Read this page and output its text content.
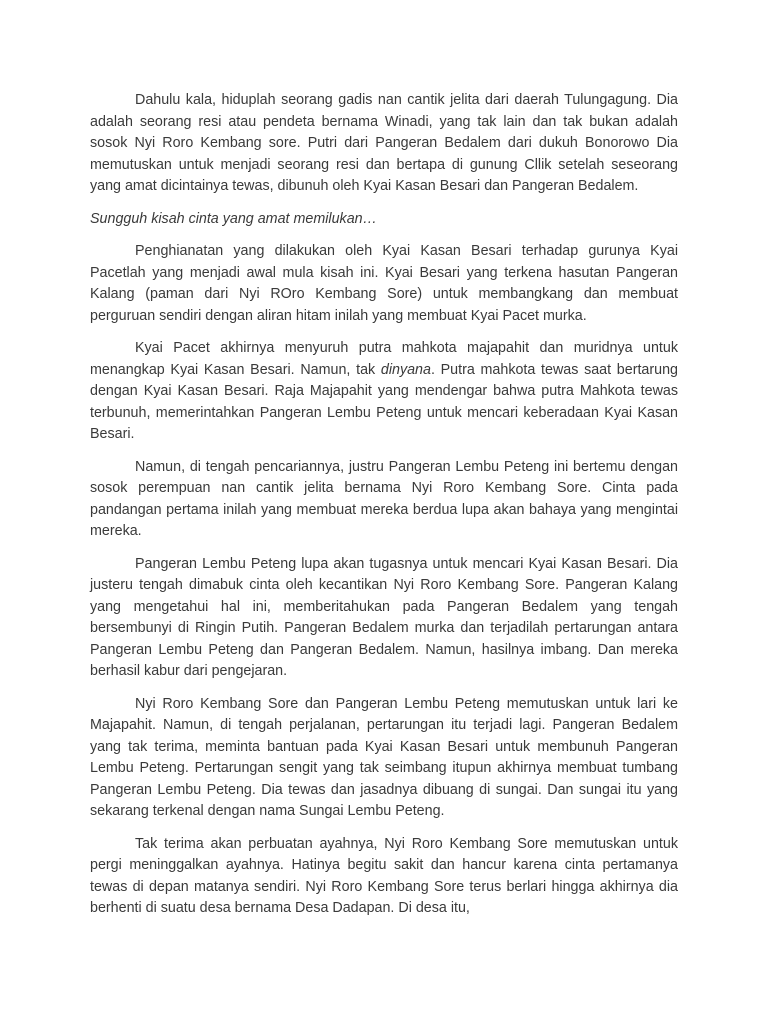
Dahulu kala, hiduplah seorang gadis nan cantik jelita dari daerah Tulungagung. Dia adalah seorang resi atau pendeta bernama Winadi, yang tak lain dan tak bukan adalah sosok Nyi Roro Kembang sore. Putri dari Pangeran Bedalem dari dukuh Bonorowo Dia memutuskan untuk menjadi seorang resi dan bertapa di gunung Cllik setelah seseorang yang amat dicintainya tewas, dibunuh oleh Kyai Kasan Besari dan Pangeran Bedalem.

Sungguh kisah cinta yang amat memilukan…

Penghianatan yang dilakukan oleh Kyai Kasan Besari terhadap gurunya Kyai Pacetlah yang menjadi awal mula kisah ini. Kyai Besari yang terkena hasutan Pangeran Kalang (paman dari Nyi ROro Kembang Sore) untuk membangkang dan membuat perguruan sendiri dengan aliran hitam inilah yang membuat Kyai Pacet murka.

Kyai Pacet akhirnya menyuruh putra mahkota majapahit dan muridnya untuk menangkap Kyai Kasan Besari. Namun, tak dinyana. Putra mahkota tewas saat bertarung dengan Kyai Kasan Besari. Raja Majapahit yang mendengar bahwa putra Mahkota tewas terbunuh, memerintahkan Pangeran Lembu Peteng untuk mencari keberadaan Kyai Kasan Besari.

Namun, di tengah pencariannya, justru Pangeran Lembu Peteng ini bertemu dengan sosok perempuan nan cantik jelita bernama Nyi Roro Kembang Sore. Cinta pada pandangan pertama inilah yang membuat mereka berdua lupa akan bahaya yang mengintai mereka.

Pangeran Lembu Peteng lupa akan tugasnya untuk mencari Kyai Kasan Besari. Dia justeru tengah dimabuk cinta oleh kecantikan Nyi Roro Kembang Sore. Pangeran Kalang yang mengetahui hal ini, memberitahukan pada Pangeran Bedalem yang tengah bersembunyi di Ringin Putih. Pangeran Bedalem murka dan terjadilah pertarungan antara Pangeran Lembu Peteng dan Pangeran Bedalem. Namun, hasilnya imbang. Dan mereka berhasil kabur dari pengejaran.

Nyi Roro Kembang Sore dan Pangeran Lembu Peteng memutuskan untuk lari ke Majapahit. Namun, di tengah perjalanan, pertarungan itu terjadi lagi. Pangeran Bedalem yang tak terima, meminta bantuan pada Kyai Kasan Besari untuk membunuh Pangeran Lembu Peteng. Pertarungan sengit yang tak seimbang itupun akhirnya membuat tumbang Pangeran Lembu Peteng. Dia tewas dan jasadnya dibuang di sungai. Dan sungai itu yang sekarang terkenal dengan nama Sungai Lembu Peteng.

Tak terima akan perbuatan ayahnya, Nyi Roro Kembang Sore memutuskan untuk pergi meninggalkan ayahnya. Hatinya begitu sakit dan hancur karena cinta pertamanya tewas di depan matanya sendiri. Nyi Roro Kembang Sore terus berlari hingga akhirnya dia berhenti di suatu desa bernama Desa Dadapan. Di desa itu,
